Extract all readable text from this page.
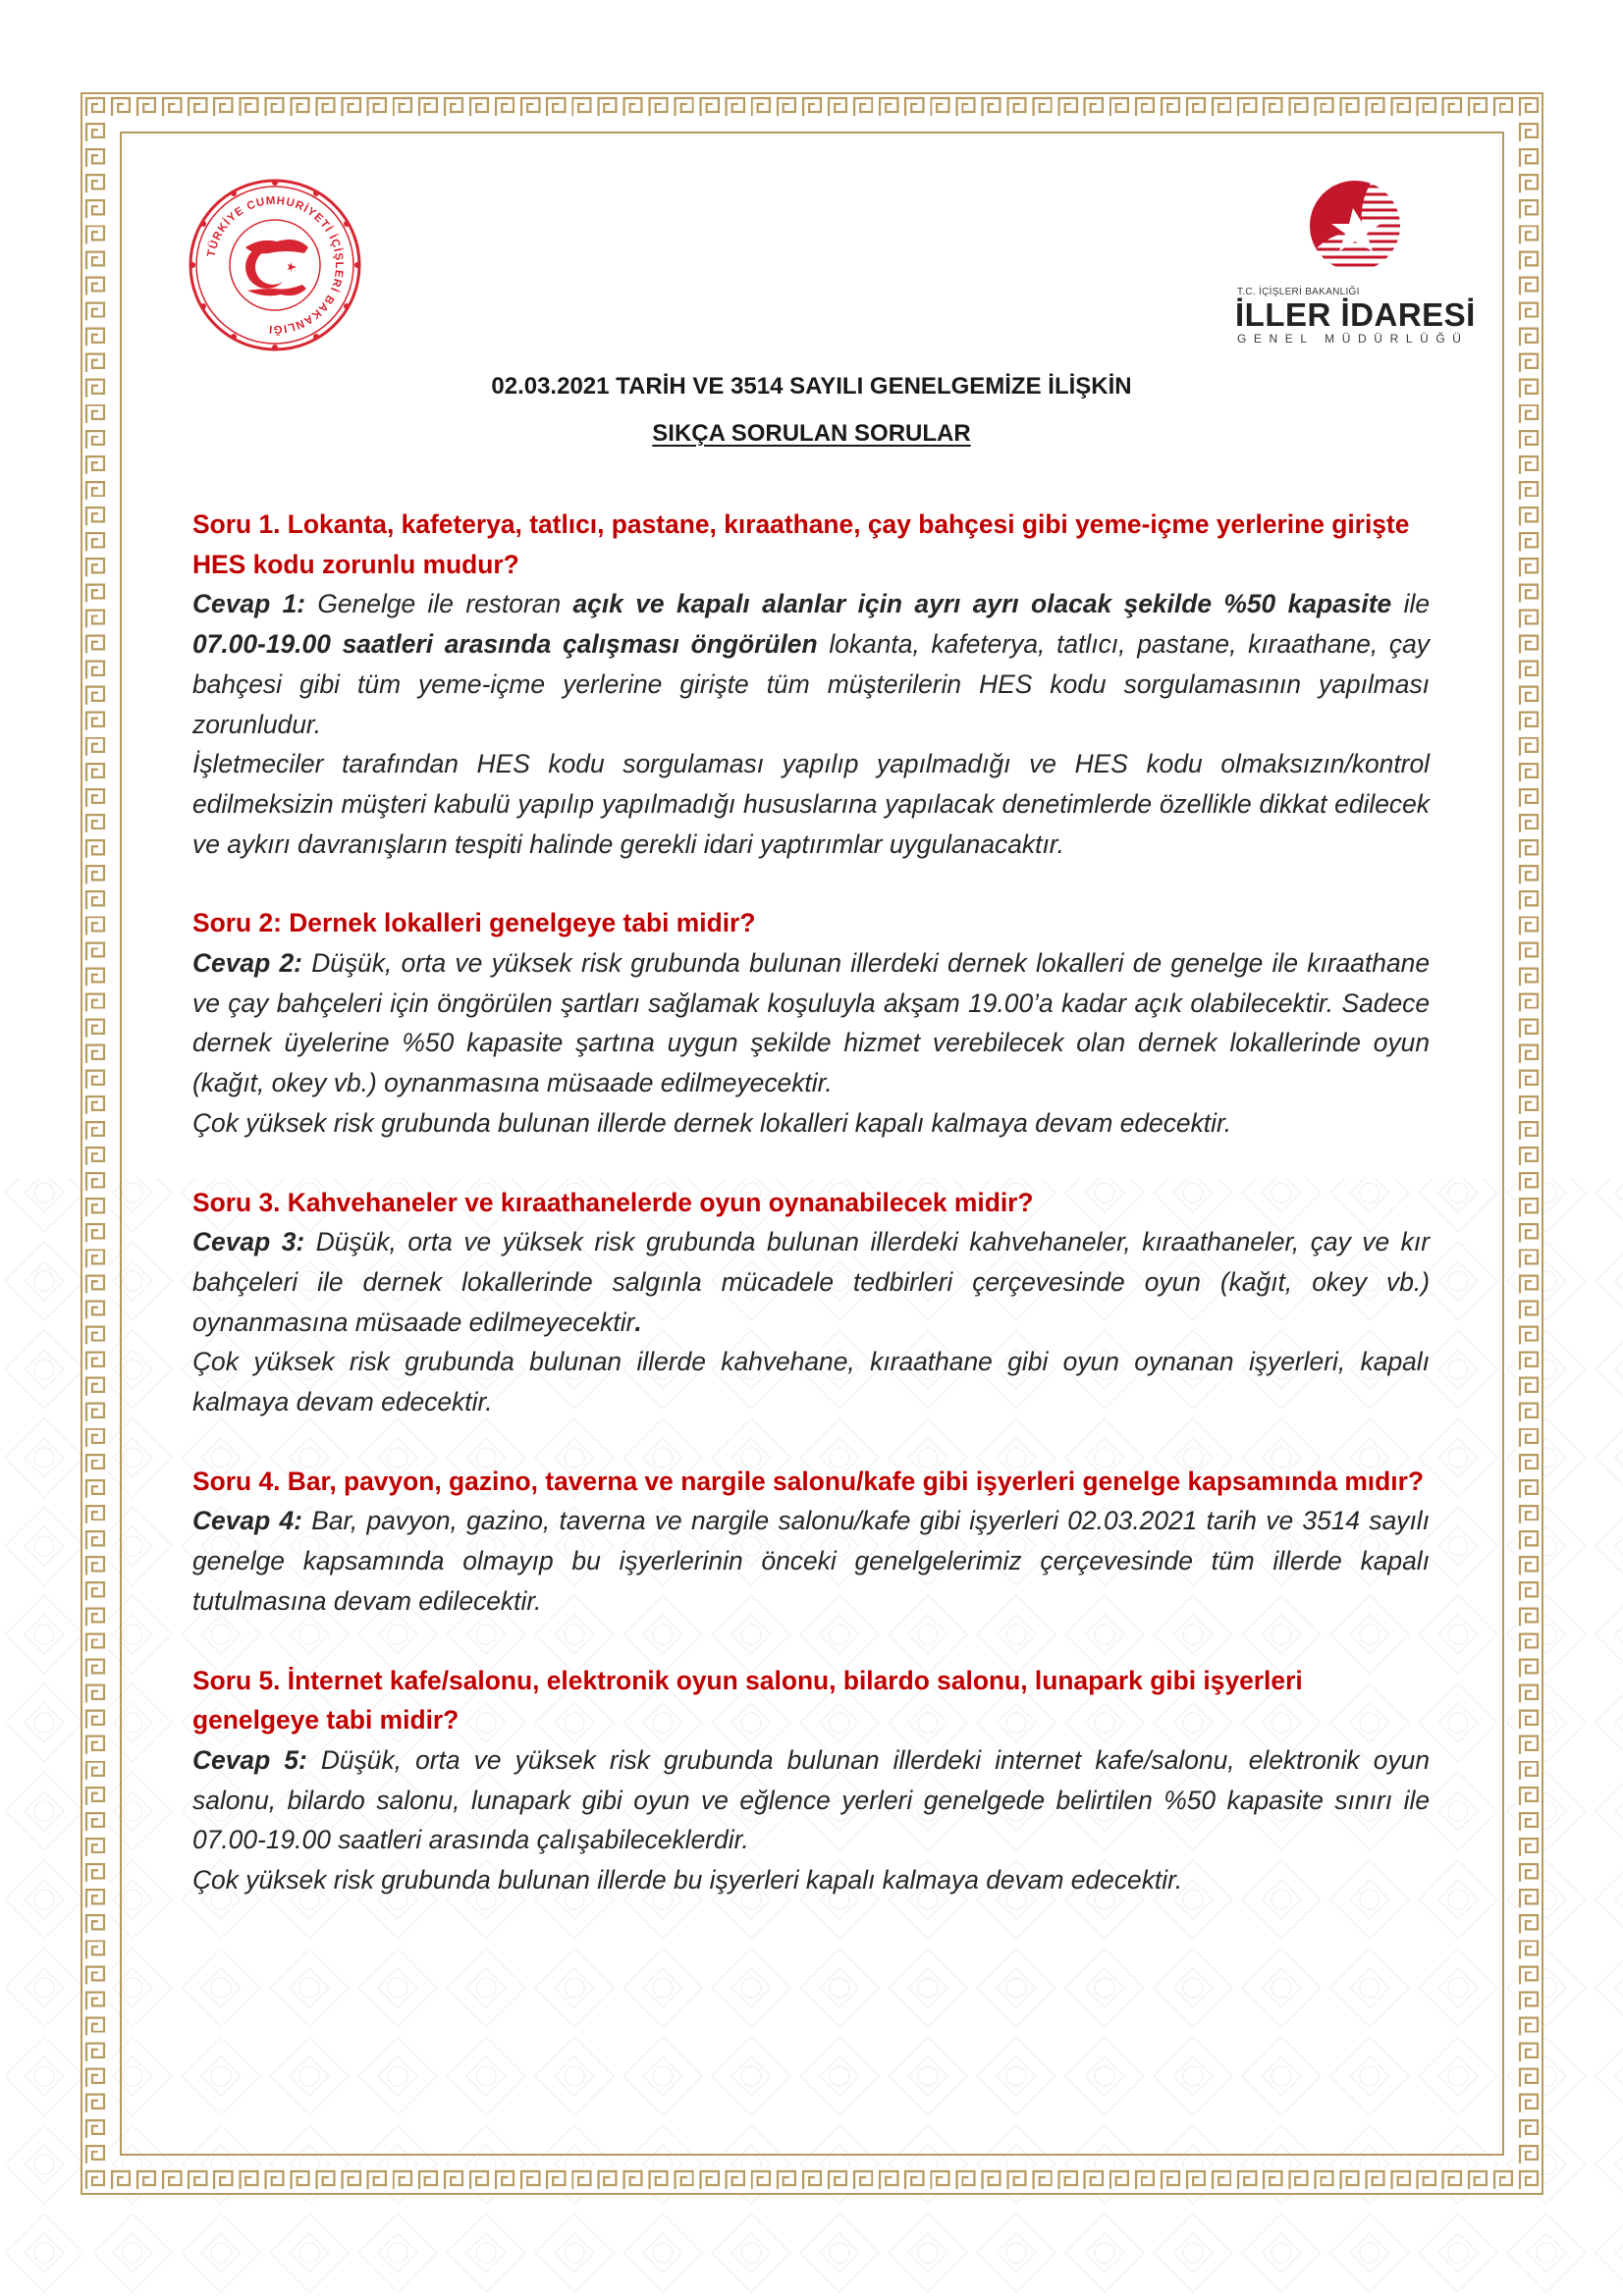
TÜRKİYE CUMHURİYETİ İÇİŞLERİ BAKANLIĞI
T.C. İÇİŞLERİ BAKANLIĞI
İLLER İDARESİ
GENEL MÜDÜRLÜĞÜ
02.03.2021 TARİH VE 3514 SAYILI GENELGEMİZE İLİŞKİN
SIKÇA SORULAN SORULAR

Soru 1. Lokanta, kafeterya, tatlıcı, pastane, kıraathane, çay bahçesi gibi yeme-içme yerlerine girişte HES kodu zorunlu mudur?

Cevap 1: Genelge ile restoran açık ve kapalı alanlar için ayrı ayrı olacak şekilde %50 kapasite ile 07.00-19.00 saatleri arasında çalışması öngörülen lokanta, kafeterya, tatlıcı, pastane, kıraathane, çay bahçesi gibi tüm yeme-içme yerlerine girişte tüm müşterilerin HES kodu sorgulamasının yapılması zorunludur.

İşletmeciler tarafından HES kodu sorgulaması yapılıp yapılmadığı ve HES kodu olmaksızın/kontrol edilmeksizin müşteri kabulü yapılıp yapılmadığı hususlarına yapılacak denetimlerde özellikle dikkat edilecek ve aykırı davranışların tespiti halinde gerekli idari yaptırımlar uygulanacaktır.

Soru 2: Dernek lokalleri genelgeye tabi midir?

Cevap 2: Düşük, orta ve yüksek risk grubunda bulunan illerdeki dernek lokalleri de genelge ile kıraathane ve çay bahçeleri için öngörülen şartları sağlamak koşuluyla akşam 19.00’a kadar açık olabilecektir. Sadece dernek üyelerine %50 kapasite şartına uygun şekilde hizmet verebilecek olan dernek lokallerinde oyun (kağıt, okey vb.) oynanmasına müsaade edilmeyecektir.

Çok yüksek risk grubunda bulunan illerde dernek lokalleri kapalı kalmaya devam edecektir.

Soru 3. Kahvehaneler ve kıraathanelerde oyun oynanabilecek midir?

Cevap 3: Düşük, orta ve yüksek risk grubunda bulunan illerdeki kahvehaneler, kıraathaneler, çay ve kır bahçeleri ile dernek lokallerinde salgınla mücadele tedbirleri çerçevesinde oyun (kağıt, okey vb.) oynanmasına müsaade edilmeyecektir.

Çok yüksek risk grubunda bulunan illerde kahvehane, kıraathane gibi oyun oynanan işyerleri, kapalı kalmaya devam edecektir.

Soru 4. Bar, pavyon, gazino, taverna ve nargile salonu/kafe gibi işyerleri genelge kapsamında mıdır?

Cevap 4: Bar, pavyon, gazino, taverna ve nargile salonu/kafe gibi işyerleri 02.03.2021 tarih ve 3514 sayılı genelge kapsamında olmayıp bu işyerlerinin önceki genelgelerimiz çerçevesinde tüm illerde kapalı tutulmasına devam edilecektir.

Soru 5. İnternet kafe/salonu, elektronik oyun salonu, bilardo salonu, lunapark gibi işyerleri genelgeye tabi midir?

Cevap 5: Düşük, orta ve yüksek risk grubunda bulunan illerdeki internet kafe/salonu, elektronik oyun salonu, bilardo salonu, lunapark gibi oyun ve eğlence yerleri genelgede belirtilen %50 kapasite sınırı ile 07.00-19.00 saatleri arasında çalışabileceklerdir.

Çok yüksek risk grubunda bulunan illerde bu işyerleri kapalı kalmaya devam edecektir.
